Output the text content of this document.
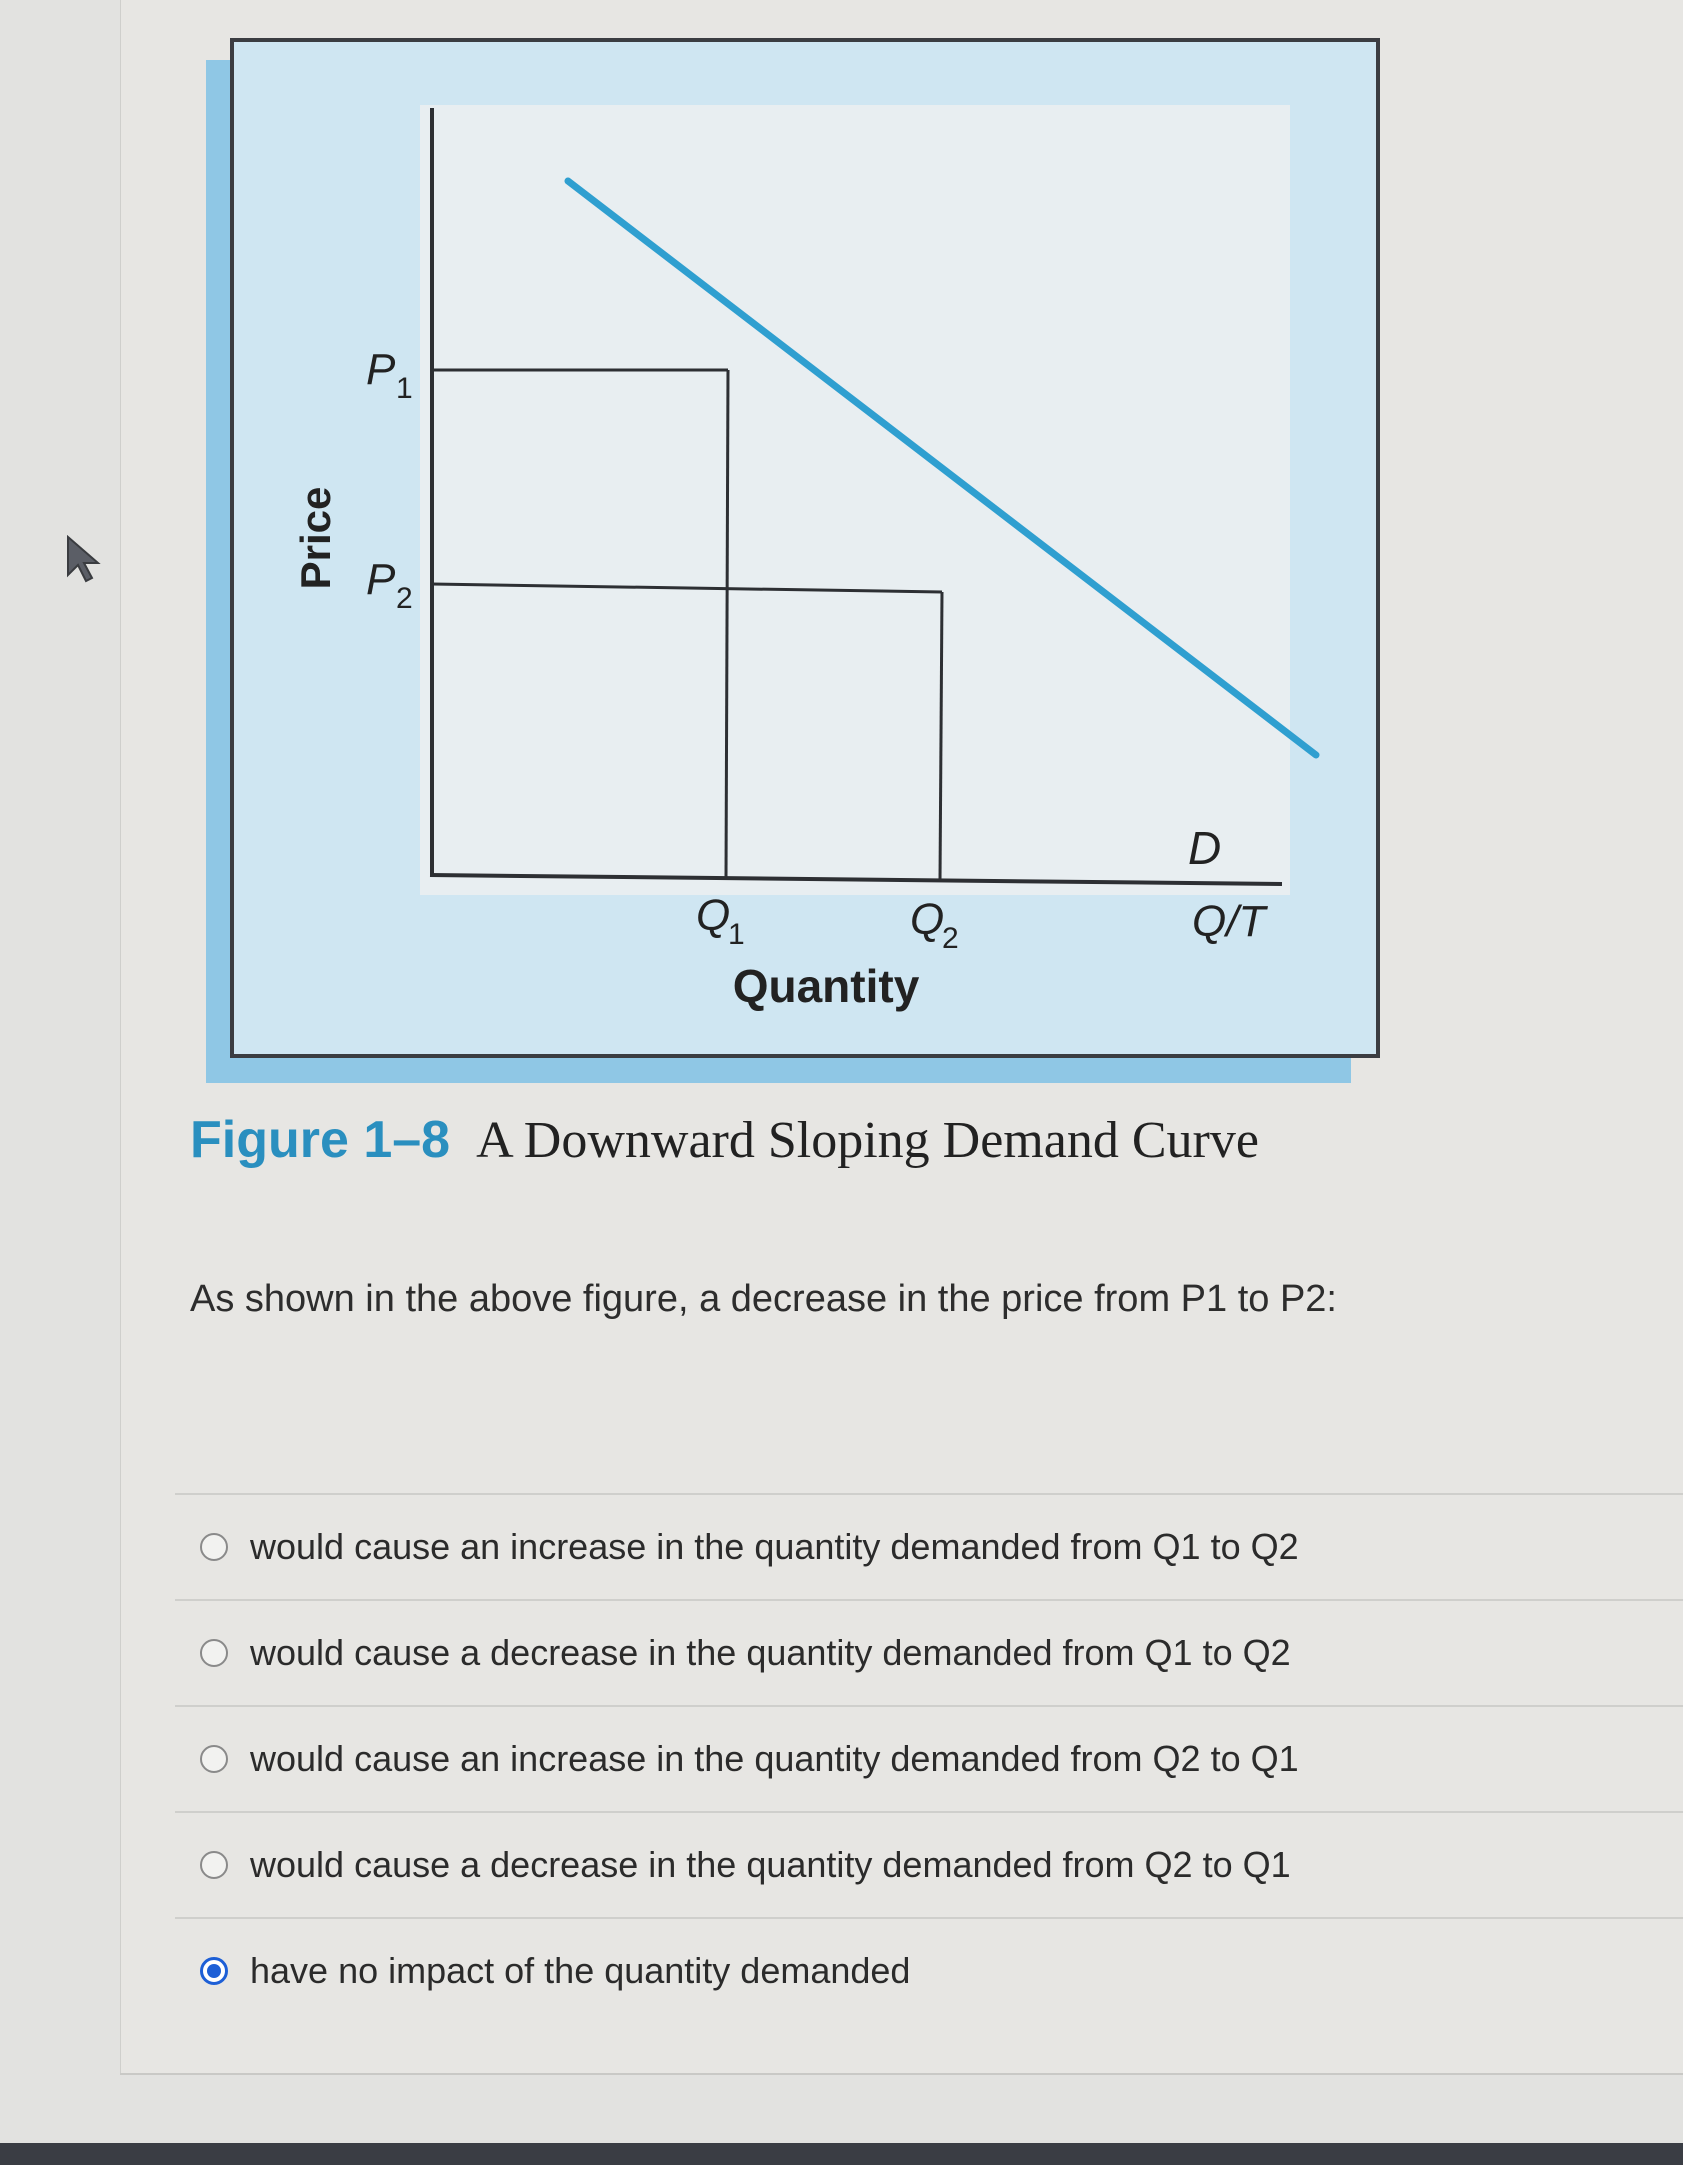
D
P 1
P 2
Q
1	Q
2	Q/T
Quantity
Price
Figure 1–8 A Downward Sloping Demand Curve
As shown in the above figure, a decrease in the price from P1 to P2:
would cause an increase in the quantity demanded from Q1 to Q2
would cause a decrease in the quantity demanded from Q1 to Q2
would cause an increase in the quantity demanded from Q2 to Q1
would cause a decrease in the quantity demanded from Q2 to Q1
have no impact of the quantity demanded
